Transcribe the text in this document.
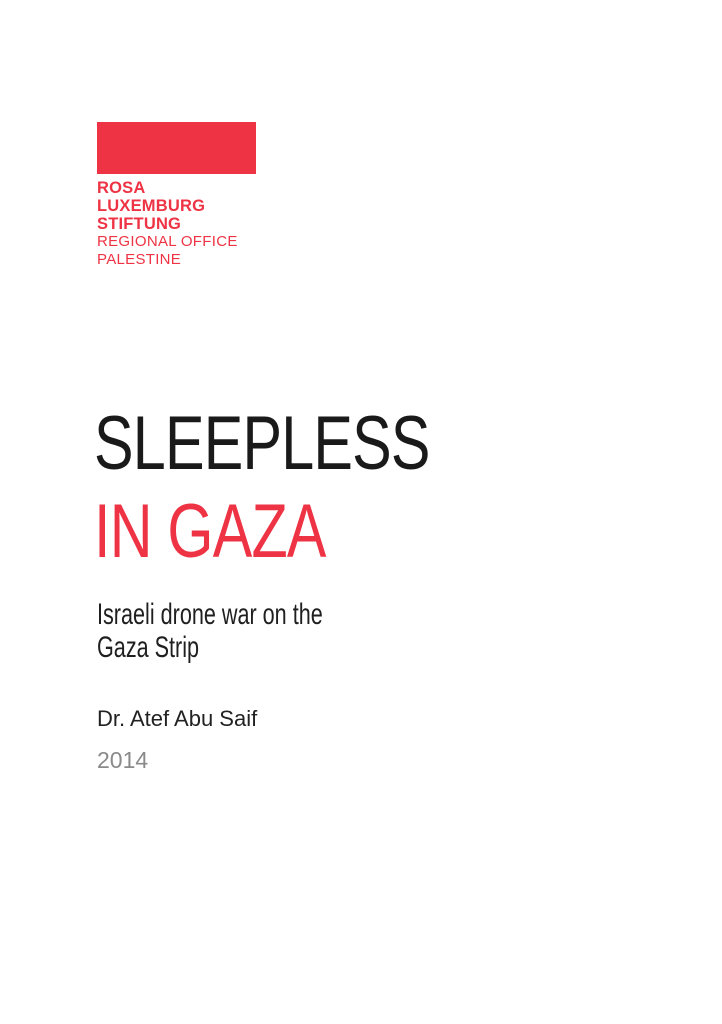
ROSA
LUXEMBURG
STIFTUNG
REGIONAL OFFICE
PALESTINE
SLEEPLESS
IN GAZA
Israeli drone war on the
Gaza Strip
Dr. Atef Abu Saif
2014
